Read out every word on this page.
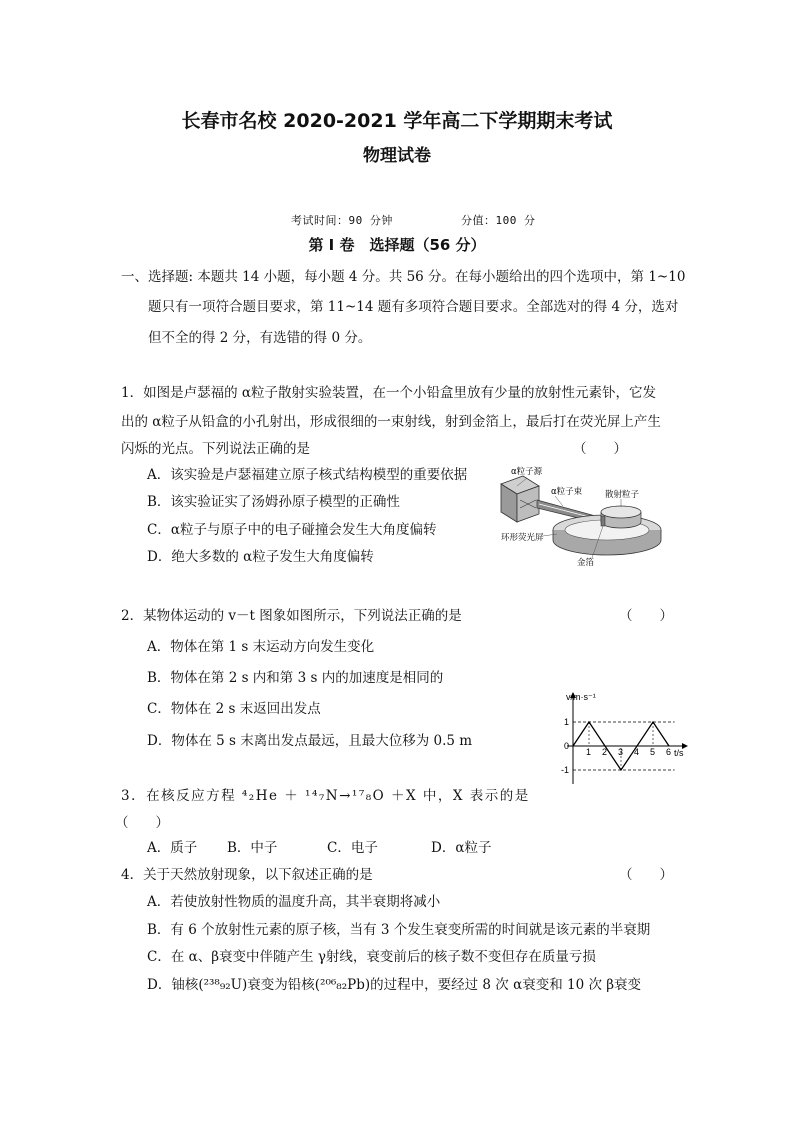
长春市名校 2020-2021 学年高二下学期期末考试
物理试卷
考试时间：90 分钟	分值：100 分
第 I 卷　选择题（56 分）
一、选择题: 本题共 14 小题，每小题 4 分。共 56 分。在每小题给出的四个选项中，第 1~10
题只有一项符合题目要求，第 11~14 题有多项符合题目要求。全部选对的得 4 分，选对
但不全的得 2 分，有选错的得 0 分。
1．如图是卢瑟福的 α粒子散射实验装置，在一个小铅盒里放有少量的放射性元素钋，它发
出的 α粒子从铅盒的小孔射出，形成很细的一束射线，射到金箔上，最后打在荧光屏上产生
闪烁的光点。下列说法正确的是	（　　）
A．该实验是卢瑟福建立原子核式结构模型的重要依据
B．该实验证实了汤姆孙原子模型的正确性
C．α粒子与原子中的电子碰撞会发生大角度偏转
D．绝大多数的 α粒子发生大角度偏转
α粒子源
α粒子束	散射粒子
环形荧光屏
金箔
2．某物体运动的 v－t 图象如图所示，下列说法正确的是	（　　）
A．物体在第 1 s 末运动方向发生变化
B．物体在第 2 s 内和第 3 s 内的加速度是相同的
C．物体在 2 s 末返回出发点
D．物体在 5 s 末离出发点最远，且最大位移为 0.5 m
1 2 3 4 5 6
1
0
-1
v/m·s⁻¹
t/s
3．在核反应方程 ⁴₂He ＋ ¹⁴₇N→¹⁷₈O ＋X 中，X 表示的是
（　　）
A．质子 B．中子	C．电子	D．α粒子
4．关于天然放射现象，以下叙述正确的是	（　　）
A．若使放射性物质的温度升高，其半衰期将减小
B．有 6 个放射性元素的原子核，当有 3 个发生衰变所需的时间就是该元素的半衰期
C．在 α、β衰变中伴随产生 γ射线，衰变前后的核子数不变但存在质量亏损
D．铀核(²³⁸₉₂U)衰变为铅核(²⁰⁶₈₂Pb)的过程中，要经过 8 次 α衰变和 10 次 β衰变
